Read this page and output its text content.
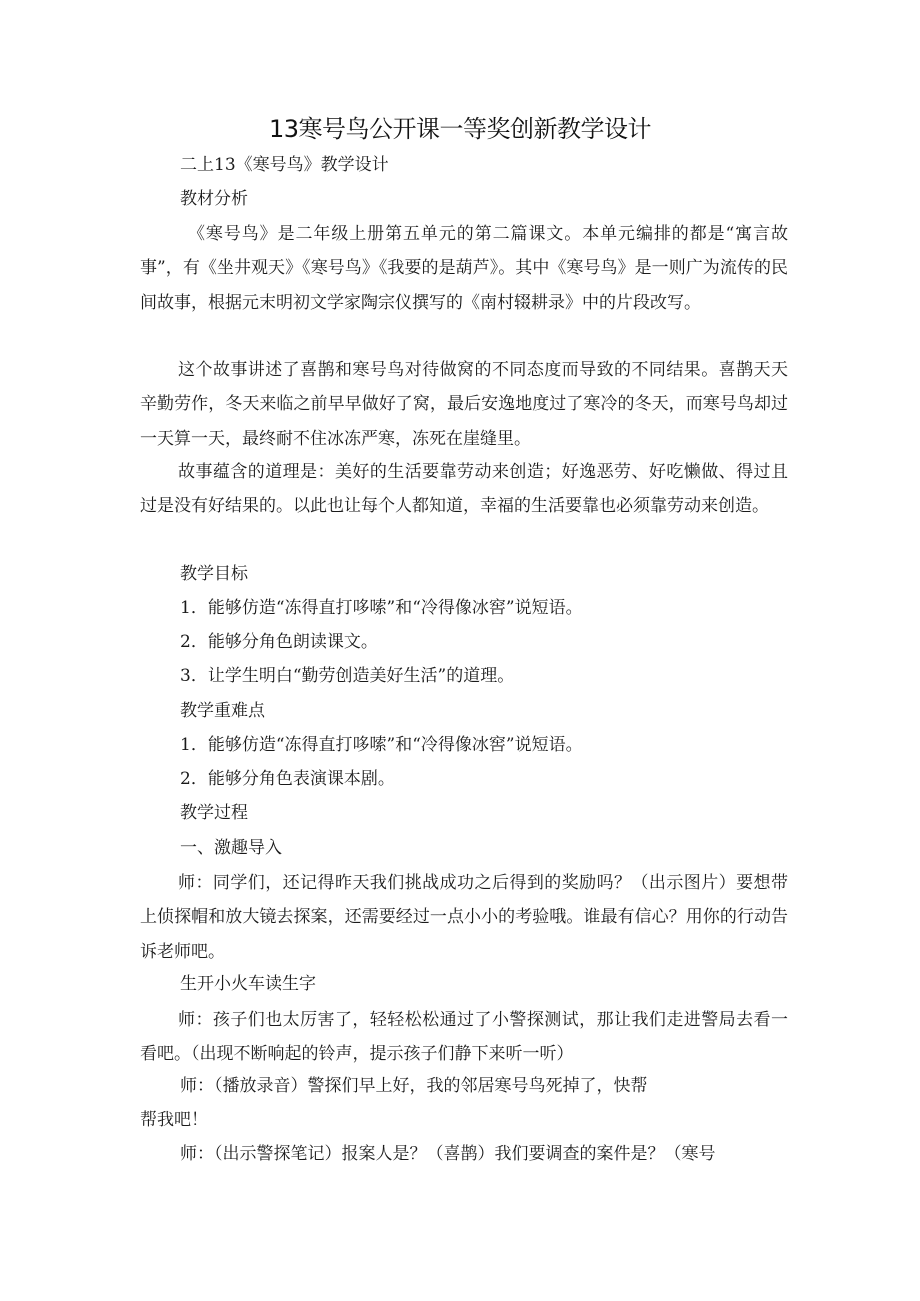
13寒号鸟公开课一等奖创新教学设计
二上13《寒号鸟》教学设计
教材分析
《寒号鸟》是二年级上册第五单元的第二篇课文。本单元编排的都是“寓言故事”，有《坐井观天》《寒号鸟》《我要的是葫芦》。其中《寒号鸟》是一则广为流传的民间故事，根据元末明初文学家陶宗仪撰写的《南村辍耕录》中的片段改写。
这个故事讲述了喜鹊和寒号鸟对待做窝的不同态度而导致的不同结果。喜鹊天天辛勤劳作，冬天来临之前早早做好了窝，最后安逸地度过了寒冷的冬天，而寒号鸟却过一天算一天，最终耐不住冰冻严寒，冻死在崖缝里。
故事蕴含的道理是：美好的生活要靠劳动来创造；好逸恶劳、好吃懒做、得过且过是没有好结果的。以此也让每个人都知道，幸福的生活要靠也必须靠劳动来创造。
教学目标
1．能够仿造“冻得直打哆嗦”和“冷得像冰窖”说短语。
2．能够分角色朗读课文。
3．让学生明白“勤劳创造美好生活”的道理。
教学重难点
1．能够仿造“冻得直打哆嗦”和“冷得像冰窖”说短语。
2．能够分角色表演课本剧。
教学过程
一、激趣导入
师：同学们，还记得昨天我们挑战成功之后得到的奖励吗？（出示图片）要想带上侦探帽和放大镜去探案，还需要经过一点小小的考验哦。谁最有信心？用你的行动告诉老师吧。
生开小火车读生字
师：孩子们也太厉害了，轻轻松松通过了小警探测试，那让我们走进警局去看一看吧。（出现不断响起的铃声，提示孩子们静下来听一听）
师：（播放录音）警探们早上好，我的邻居寒号鸟死掉了，快帮
帮我吧！
师：（出示警探笔记）报案人是？（喜鹊）我们要调查的案件是？（寒号
